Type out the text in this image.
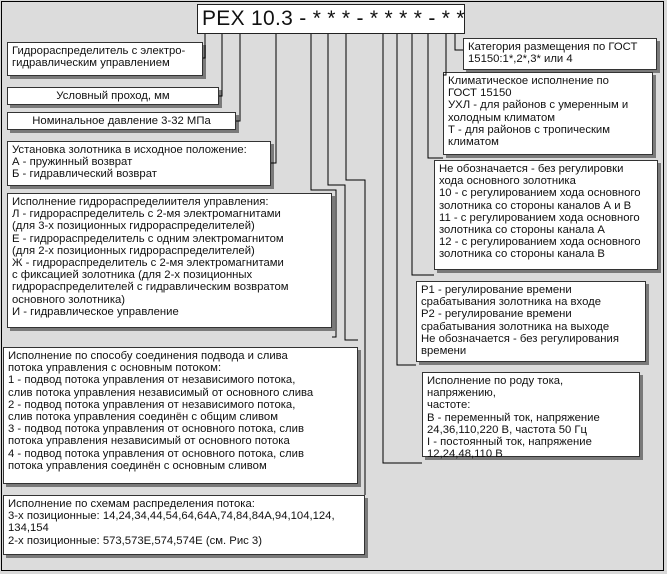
РЕХ 10.3 - * * * - * * * * - * *
Гидрораспределитель с электро-
гидравлическим управлением
Условный проход, мм
Номинальное давление 3-32 МПа
Установка золотника в исходное положение:
А - пружинный возврат
Б - гидравлический возврат
Исполнение гидрораспределиителя управления:
Л - гидрораспределитель с 2-мя электромагнитами
(для 3-х позиционных гидрораспределителей)
Е - гидрораспределитель с одним электромагнитом
(для 2-х позиционных гидрораспределителей)
Ж - гидрораспределитель с 2-мя электромагнитами
с фиксацией золотника (для 2-х позиционных
гидрораспределителей с гидравлическим возвратом
основного золотника)
И - гидравлическое управление
Исполнение по способу соединения подвода и слива
потока управления с основным потоком:
1 - подвод потока управления от независимого потока,
слив потока управления независимый от основного слива
2 - подвод потока управления от независимого потока,
слив потока управления соединён с общим сливом
3 - подвод потока управления от основного потока, слив
потока управления независимый от основного потока
4 - подвод потока управления от основного потока, слив
потока управления соединён с основным сливом
Исполнение по схемам распределения потока:
3-х позиционные: 14,24,34,44,54,64,64А,74,84,84А,94,104,124,
134,154
2-х позиционные: 573,573Е,574,574Е (см. Рис 3)
Категория размещения по ГОСТ
15150:1*,2*,3* или 4
Климатическое исполнение по
ГОСТ 15150
УХЛ - для районов с умеренным и
холодным климатом
Т - для районов с тропическим
климатом
Не обозначается - без регулировки
хода основного золотника
10 - с регулированием хода основного
золотника со стороны каналов А и В
11 - с регулированием хода основного
золотника со стороны канала А
12 - с регулированием хода основного
золотника со стороны канала В
Р1 - регулирование времени
срабатывания золотника на входе
Р2 - регулирование времени
срабатывания золотника на выходе
Не обозначается - без регулирования
времени
Исполнение по роду тока, напряжению,
частоте:
В - переменный ток, напряжение
24,36,110,220 В, частота 50 Гц
I - постоянный ток, напряжение
12,24,48,110 В
